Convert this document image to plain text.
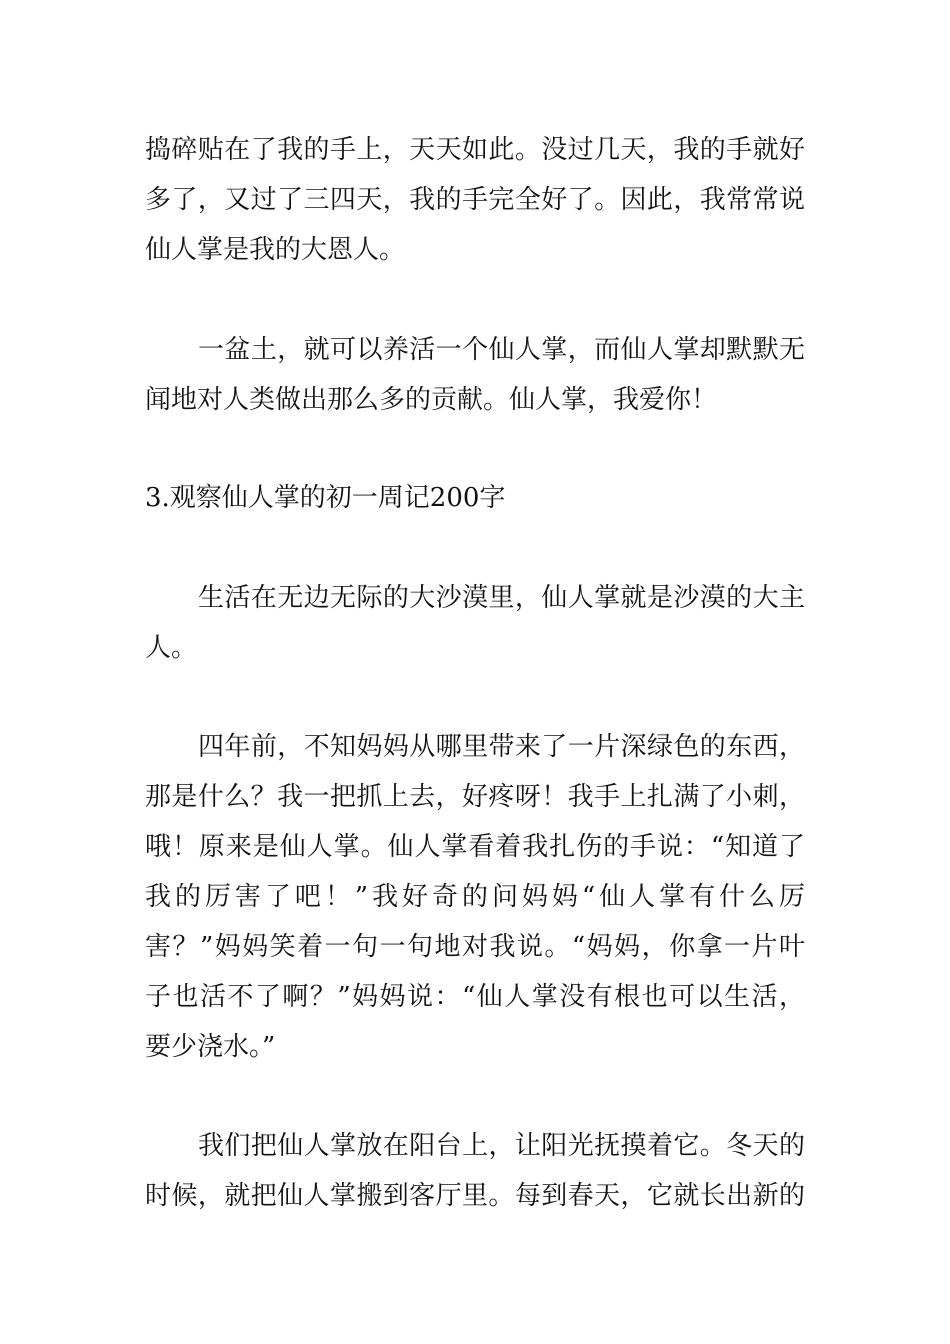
捣碎贴在了我的手上，天天如此。没过几天，我的手就好
多了，又过了三四天，我的手完全好了。因此，我常常说
仙人掌是我的大恩人。
一盆土，就可以养活一个仙人掌，而仙人掌却默默无
闻地对人类做出那么多的贡献。仙人掌，我爱你！
3.观察仙人掌的初一周记200字
生活在无边无际的大沙漠里，仙人掌就是沙漠的大主
人。
四年前，不知妈妈从哪里带来了一片深绿色的东西，
那是什么？我一把抓上去，好疼呀！我手上扎满了小刺，
哦！原来是仙人掌。仙人掌看着我扎伤的手说：“知道了
我的厉害了吧！”我好奇的问妈妈“仙人掌有什么厉
害？”妈妈笑着一句一句地对我说。“妈妈，你拿一片叶
子也活不了啊？”妈妈说：“仙人掌没有根也可以生活，
要少浇水。”
我们把仙人掌放在阳台上，让阳光抚摸着它。冬天的
时候，就把仙人掌搬到客厅里。每到春天，它就长出新的
